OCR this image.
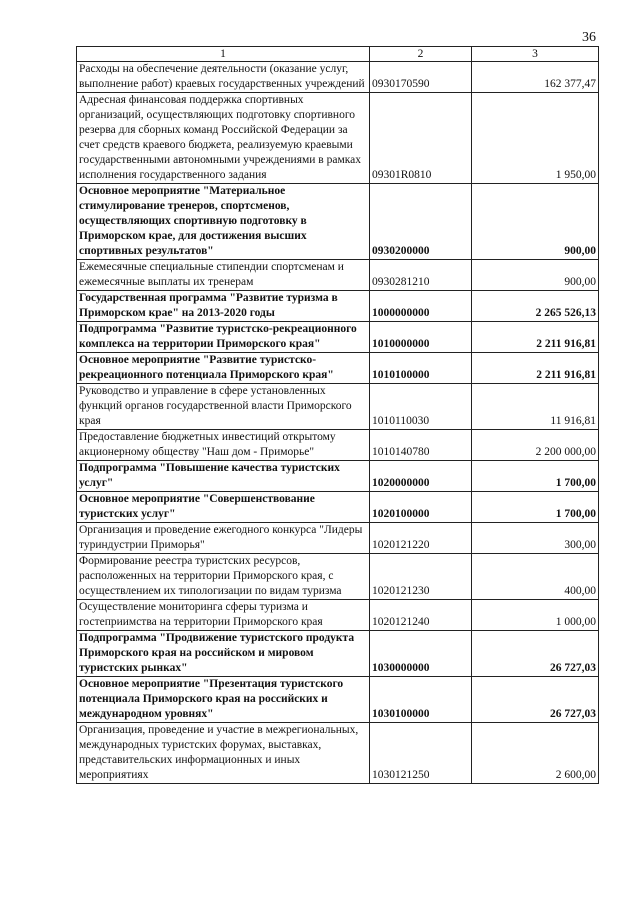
36
1	2	3
Расходы на обеспечение деятельности (оказание услуг, выполнение работ) краевых государственных учреждений	0930170590	162 377,47
Адресная финансовая поддержка спортивных организаций, осуществляющих подготовку спортивного резерва для сборных команд Российской Федерации за счет средств краевого бюджета, реализуемую краевыми государственными автономными учреждениями в рамках исполнения государственного задания	09301R0810	1 950,00
Основное мероприятие "Материальное стимулирование тренеров, спортсменов, осуществляющих спортивную подготовку в Приморском крае, для достижения высших спортивных результатов"	0930200000	900,00
Ежемесячные специальные стипендии спортсменам и ежемесячные выплаты их тренерам	0930281210	900,00
Государственная программа "Развитие туризма в Приморском крае" на 2013-2020 годы	1000000000	2 265 526,13
Подпрограмма "Развитие туристско-рекреационного комплекса на территории Приморского края"	1010000000	2 211 916,81
Основное мероприятие "Развитие туристско-рекреационного потенциала Приморского края"	1010100000	2 211 916,81
Руководство и управление в сфере установленных функций органов государственной власти Приморского края	1010110030	11 916,81
Предоставление бюджетных инвестиций открытому акционерному обществу "Наш дом - Приморье"	1010140780	2 200 000,00
Подпрограмма "Повышение качества туристских услуг"	1020000000	1 700,00
Основное мероприятие "Совершенствование туристских услуг"	1020100000	1 700,00
Организация и проведение ежегодного конкурса "Лидеры туриндустрии Приморья"	1020121220	300,00
Формирование реестра туристских ресурсов, расположенных на территории Приморского края, с осуществлением их типологизации по видам туризма	1020121230	400,00
Осуществление мониторинга сферы туризма и гостеприимства на территории Приморского края	1020121240	1 000,00
Подпрограмма "Продвижение туристского продукта Приморского края на российском и мировом туристских рынках"	1030000000	26 727,03
Основное мероприятие "Презентация туристского потенциала Приморского края на российских и международном уровнях"	1030100000	26 727,03
Организация, проведение и участие в межрегиональных, международных туристских форумах, выставках, представительских информационных и иных мероприятиях	1030121250	2 600,00
